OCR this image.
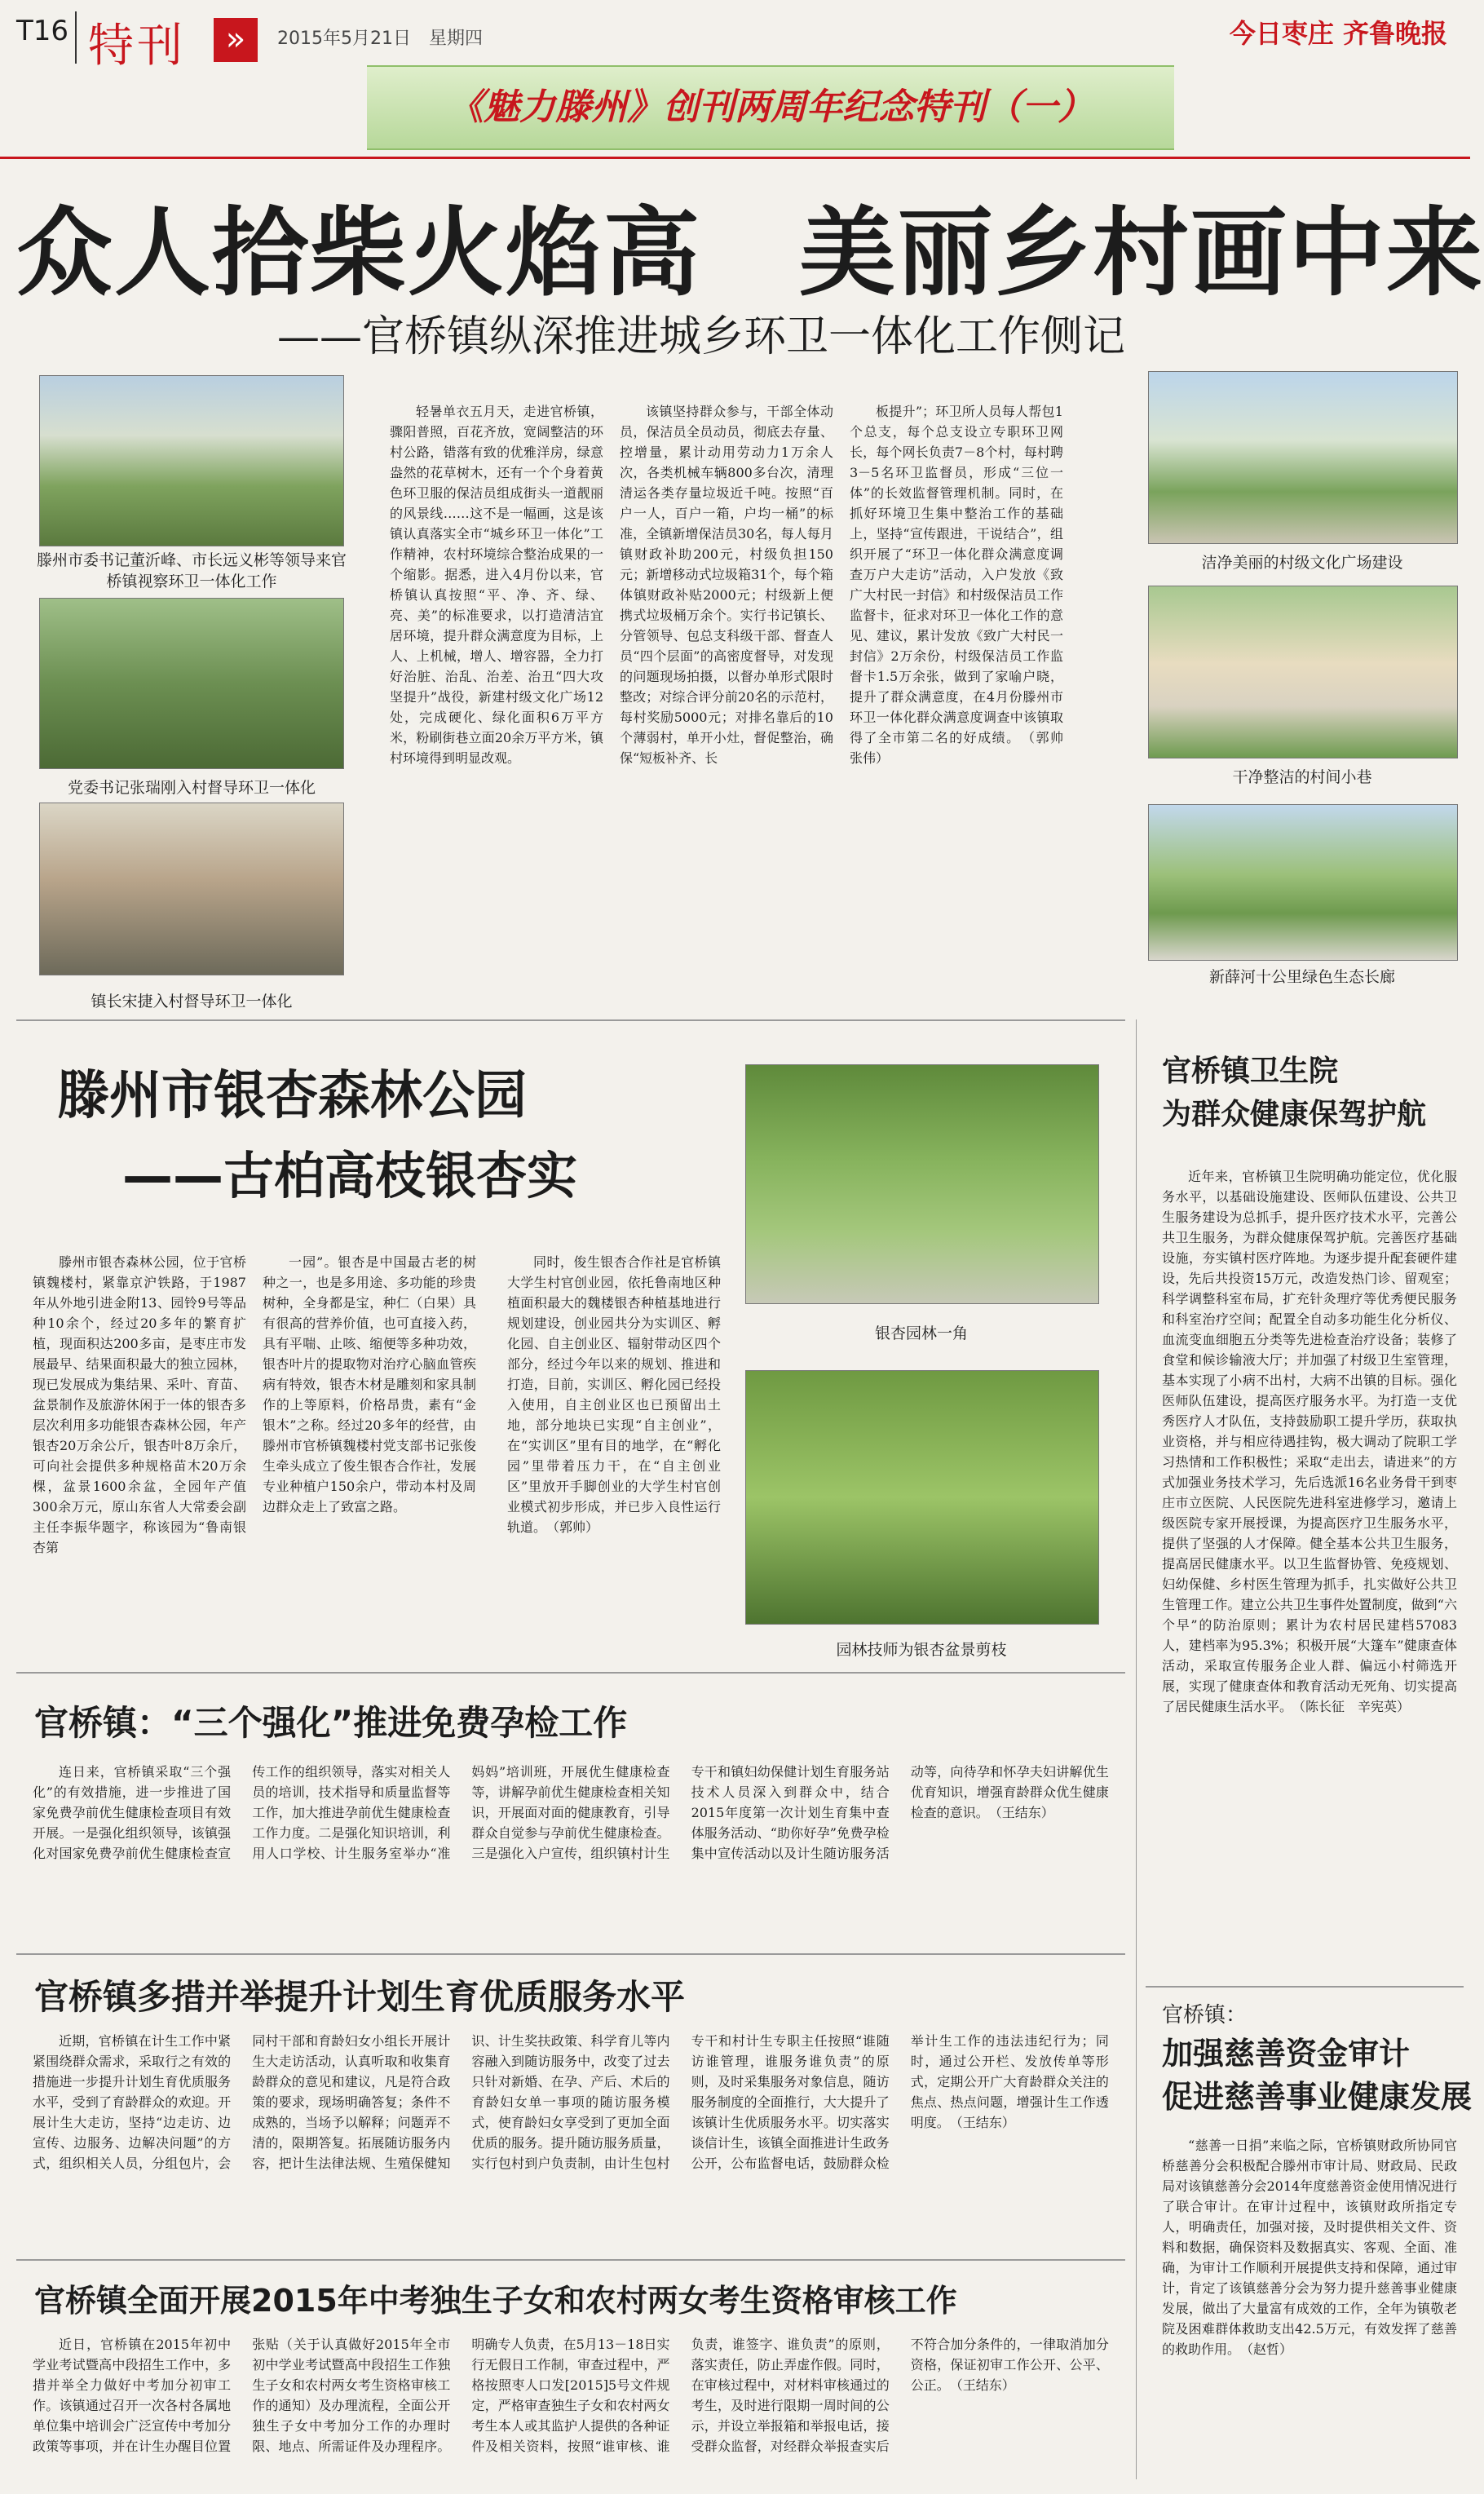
T16 特刊	»	2015年5月21日　星期四	今日枣庄 齐鲁晚报
《魅力滕州》创刊两周年纪念特刊（一）
众人拾柴火焰高　美丽乡村画中来
——官桥镇纵深推进城乡环卫一体化工作侧记
滕州市委书记董沂峰、市长远义彬等领导来官桥镇视察环卫一体化工作
党委书记张瑞刚入村督导环卫一体化
镇长宋捷入村督导环卫一体化
轻暑单衣五月天，走进官桥镇，骤阳普照，百花齐放，宽阔整洁的环村公路，错落有致的优雅洋房，绿意盎然的花草树木，还有一个个身着黄色环卫服的保洁员组成街头一道靓丽的风景线……这不是一幅画，这是该镇认真落实全市“城乡环卫一体化”工作精神，农村环境综合整治成果的一个缩影。据悉，进入4月份以来，官桥镇认真按照“平、净、齐、绿、亮、美”的标准要求，以打造清洁宜居环境，提升群众满意度为目标，上人、上机械，增人、增容器，全力打好治脏、治乱、治差、治丑“四大攻坚提升”战役，新建村级文化广场12处，完成硬化、绿化面积6万平方米，粉刷街巷立面20余万平方米，镇村环境得到明显改观。
该镇坚持群众参与，干部全体动员，保洁员全员动员，彻底去存量、控增量，累计动用劳动力1万余人次，各类机械车辆800多台次，清理清运各类存量垃圾近千吨。按照“百户一人，百户一箱，户均一桶”的标准，全镇新增保洁员30名，每人每月镇财政补助200元，村级负担150元；新增移动式垃圾箱31个，每个箱体镇财政补贴2000元；村级新上便携式垃圾桶万余个。实行书记镇长、分管领导、包总支科级干部、督查人员“四个层面”的高密度督导，对发现的问题现场拍摄，以督办单形式限时整改；对综合评分前20名的示范村，每村奖励5000元；对排名靠后的10个薄弱村，单开小灶，督促整治，确保“短板补齐、长
板提升”；环卫所人员每人帮包1个总支，每个总支设立专职环卫网长，每个网长负责7－8个村，每村聘3－5名环卫监督员，形成“三位一体”的长效监督管理机制。同时，在抓好环境卫生集中整治工作的基础上，坚持“宣传跟进，干说结合”，组织开展了“环卫一体化群众满意度调查万户大走访”活动，入户发放《致广大村民一封信》和村级保洁员工作监督卡，征求对环卫一体化工作的意见、建议，累计发放《致广大村民一封信》2万余份，村级保洁员工作监督卡1.5万余张，做到了家喻户晓，提升了群众满意度，在4月份滕州市环卫一体化群众满意度调查中该镇取得了全市第二名的好成绩。　（郭帅　张伟）
洁净美丽的村级文化广场建设
干净整洁的村间小巷
新薛河十公里绿色生态长廊
滕州市银杏森林公园
——古柏高枝银杏实
银杏园林一角
园林技师为银杏盆景剪枝
滕州市银杏森林公园，位于官桥镇魏楼村，紧靠京沪铁路，于1987年从外地引进金附13、园铃9号等品种10余个，经过20多年的繁育扩植，现面积达200多亩，是枣庄市发展最早、结果面积最大的独立园林，现已发展成为集结果、采叶、育苗、盆景制作及旅游休闲于一体的银杏多层次利用多功能银杏森林公园，年产银杏20万余公斤，银杏叶8万余斤，可向社会提供多种规格苗木20万余棵，盆景1600余盆，全园年产值300余万元，原山东省人大常委会副主任李振华题字，称该园为“鲁南银杏第
一园”。银杏是中国最古老的树种之一，也是多用途、多功能的珍贵树种，全身都是宝，种仁（白果）具有很高的营养价值，也可直接入药，具有平喘、止咳、缩便等多种功效，银杏叶片的提取物对治疗心脑血管疾病有特效，银杏木材是雕刻和家具制作的上等原料，价格昂贵，素有“金银木”之称。经过20多年的经营，由滕州市官桥镇魏楼村党支部书记张俊生牵头成立了俊生银杏合作社，发展专业种植户150余户，带动本村及周边群众走上了致富之路。
同时，俊生银杏合作社是官桥镇大学生村官创业园，依托鲁南地区种植面积最大的魏楼银杏种植基地进行规划建设，创业园共分为实训区、孵化园、自主创业区、辐射带动区四个部分，经过今年以来的规划、推进和打造，目前，实训区、孵化园已经投入使用，自主创业区也已预留出土地，部分地块已实现“自主创业”，在“实训区”里有目的地学，在“孵化园”里带着压力干，在“自主创业区”里放开手脚创业的大学生村官创业模式初步形成，并已步入良性运行轨道。　（郭帅）
官桥镇：“三个强化”推进免费孕检工作
连日来，官桥镇采取“三个强化”的有效措施，进一步推进了国家免费孕前优生健康检查项目有效开展。一是强化组织领导，该镇强化对国家免费孕前优生健康检查宣传工作的组织领导，落实对相关人员的培训，技术指导和质量监督等工作，加大推进孕前优生健康检查工作力度。二是强化知识培训，利用人口学校、计生服务室举办“准妈妈”培训班，开展优生健康检查等，讲解孕前优生健康检查相关知识，开展面对面的健康教育，引导群众自觉参与孕前优生健康检查。三是强化入户宣传，组织镇村计生专干和镇妇幼保健计划生育服务站技术人员深入到群众中，结合2015年度第一次计划生育集中查体服务活动、“助你好孕”免费孕检集中宣传活动以及计生随访服务活动等，向待孕和怀孕夫妇讲解优生优育知识，增强育龄群众优生健康检查的意识。　（王结东）
官桥镇多措并举提升计划生育优质服务水平
近期，官桥镇在计生工作中紧紧围绕群众需求，采取行之有效的措施进一步提升计划生育优质服务水平，受到了育龄群众的欢迎。开展计生大走访，坚持“边走访、边宣传、边服务、边解决问题”的方式，组织相关人员，分组包片，会同村干部和育龄妇女小组长开展计生大走访活动，认真听取和收集育龄群众的意见和建议，凡是符合政策的要求，现场明确答复；条件不成熟的，当场予以解释；问题弄不清的，限期答复。拓展随访服务内容，把计生法律法规、生殖保健知识、计生奖扶政策、科学育儿等内容融入到随访服务中，改变了过去只针对新婚、在孕、产后、术后的育龄妇女单一事项的随访服务模式，使育龄妇女享受到了更加全面优质的服务。提升随访服务质量，实行包村到户负责制，由计生包村专干和村计生专职主任按照“谁随访谁管理，谁服务谁负责”的原则，及时采集服务对象信息，随访服务制度的全面推行，大大提升了该镇计生优质服务水平。切实落实谈信计生，该镇全面推进计生政务公开，公布监督电话，鼓励群众检举计生工作的违法违纪行为；同时，通过公开栏、发放传单等形式，定期公开广大育龄群众关注的焦点、热点问题，增强计生工作透明度。　（王结东）
官桥镇全面开展2015年中考独生子女和农村两女考生资格审核工作
近日，官桥镇在2015年初中学业考试暨高中段招生工作中，多措并举全力做好中考加分初审工作。该镇通过召开一次各村各属地单位集中培训会广泛宣传中考加分政策等事项，并在计生办醒目位置张贴（关于认真做好2015年全市初中学业考试暨高中段招生工作独生子女和农村两女考生资格审核工作的通知）及办理流程，全面公开独生子女中考加分工作的办理时限、地点、所需证件及办理程序。明确专人负责，在5月13－18日实行无假日工作制，审查过程中，严格按照枣人口发[2015]5号文件规定，严格审查独生子女和农村两女考生本人或其监护人提供的各种证件及相关资料，按照“谁审核、谁负责，谁签字、谁负责”的原则，落实责任，防止弄虚作假。同时，在审核过程中，对材料审核通过的考生，及时进行限期一周时间的公示，并设立举报箱和举报电话，接受群众监督，对经群众举报查实后不符合加分条件的，一律取消加分资格，保证初审工作公开、公平、公正。　（王结东）
官桥镇卫生院
为群众健康保驾护航
近年来，官桥镇卫生院明确功能定位，优化服务水平，以基础设施建设、医师队伍建设、公共卫生服务建设为总抓手，提升医疗技术水平，完善公共卫生服务，为群众健康保驾护航。完善医疗基础设施，夯实镇村医疗阵地。为逐步提升配套硬件建设，先后共投资15万元，改造发热门诊、留观室；科学调整科室布局，扩充针灸理疗等优秀便民服务和科室治疗空间；配置全自动多功能生化分析仪、血流变血细胞五分类等先进检查治疗设备；装修了食堂和候诊输液大厅；并加强了村级卫生室管理，基本实现了小病不出村，大病不出镇的目标。强化医师队伍建设，提高医疗服务水平。为打造一支优秀医疗人才队伍，支持鼓励职工提升学历，获取执业资格，并与相应待遇挂钩，极大调动了院职工学习热情和工作积极性；采取“走出去，请进来”的方式加强业务技术学习，先后选派16名业务骨干到枣庄市立医院、人民医院先进科室进修学习，邀请上级医院专家开展授课，为提高医疗卫生服务水平，提供了坚强的人才保障。健全基本公共卫生服务，提高居民健康水平。以卫生监督协管、免疫规划、妇幼保健、乡村医生管理为抓手，扎实做好公共卫生管理工作。建立公共卫生事件处置制度，做到“六个早”的防治原则；累计为农村居民建档57083人，建档率为95.3%；积极开展“大篷车”健康查体活动，采取宣传服务企业人群、偏远小村筛选开展，实现了健康查体和教育活动无死角、切实提高了居民健康生活水平。　（陈长征　辛宪英）
官桥镇：
加强慈善资金审计
促进慈善事业健康发展
“慈善一日捐”来临之际，官桥镇财政所协同官桥慈善分会积极配合滕州市审计局、财政局、民政局对该镇慈善分会2014年度慈善资金使用情况进行了联合审计。在审计过程中，该镇财政所指定专人，明确责任，加强对接，及时提供相关文件、资料和数据，确保资料及数据真实、客观、全面、准确，为审计工作顺利开展提供支持和保障，通过审计，肯定了该镇慈善分会为努力提升慈善事业健康发展，做出了大量富有成效的工作，全年为镇敬老院及困难群体救助支出42.5万元，有效发挥了慈善的救助作用。　（赵哲）
